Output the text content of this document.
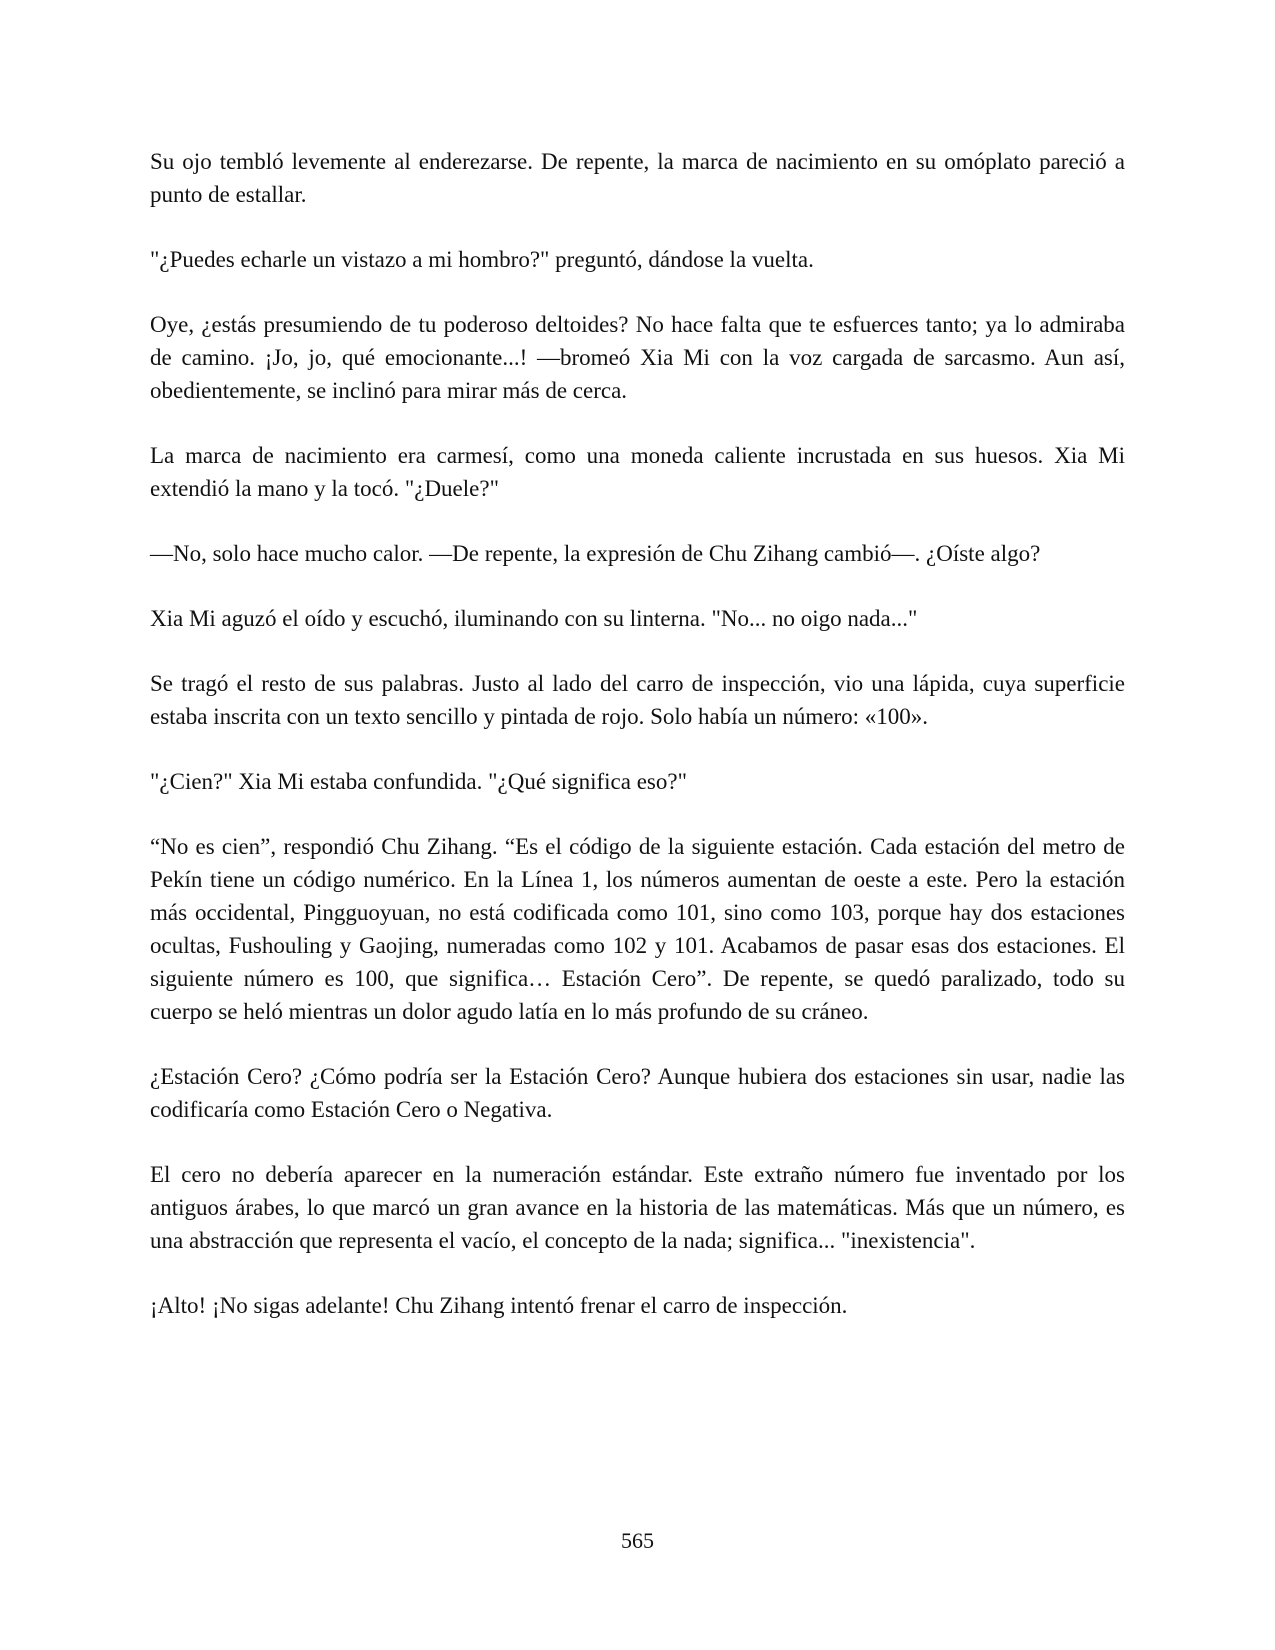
Su ojo tembló levemente al enderezarse. De repente, la marca de nacimiento en su omóplato pareció a punto de estallar.

"¿Puedes echarle un vistazo a mi hombro?" preguntó, dándose la vuelta.

Oye, ¿estás presumiendo de tu poderoso deltoides? No hace falta que te esfuerces tanto; ya lo admiraba de camino. ¡Jo, jo, qué emocionante...! —bromeó Xia Mi con la voz cargada de sarcasmo. Aun así, obedientemente, se inclinó para mirar más de cerca.

La marca de nacimiento era carmesí, como una moneda caliente incrustada en sus huesos. Xia Mi extendió la mano y la tocó. "¿Duele?"

—No, solo hace mucho calor. —De repente, la expresión de Chu Zihang cambió—. ¿Oíste algo?

Xia Mi aguzó el oído y escuchó, iluminando con su linterna. "No... no oigo nada..."

Se tragó el resto de sus palabras. Justo al lado del carro de inspección, vio una lápida, cuya superficie estaba inscrita con un texto sencillo y pintada de rojo. Solo había un número: «100».

"¿Cien?" Xia Mi estaba confundida. "¿Qué significa eso?"

“No es cien”, respondió Chu Zihang. “Es el código de la siguiente estación. Cada estación del metro de Pekín tiene un código numérico. En la Línea 1, los números aumentan de oeste a este. Pero la estación más occidental, Pingguoyuan, no está codificada como 101, sino como 103, porque hay dos estaciones ocultas, Fushouling y Gaojing, numeradas como 102 y 101. Acabamos de pasar esas dos estaciones. El siguiente número es 100, que significa… Estación Cero”. De repente, se quedó paralizado, todo su cuerpo se heló mientras un dolor agudo latía en lo más profundo de su cráneo.

¿Estación Cero? ¿Cómo podría ser la Estación Cero? Aunque hubiera dos estaciones sin usar, nadie las codificaría como Estación Cero o Negativa.

El cero no debería aparecer en la numeración estándar. Este extraño número fue inventado por los antiguos árabes, lo que marcó un gran avance en la historia de las matemáticas. Más que un número, es una abstracción que representa el vacío, el concepto de la nada; significa... "inexistencia".

¡Alto! ¡No sigas adelante! Chu Zihang intentó frenar el carro de inspección.

565
